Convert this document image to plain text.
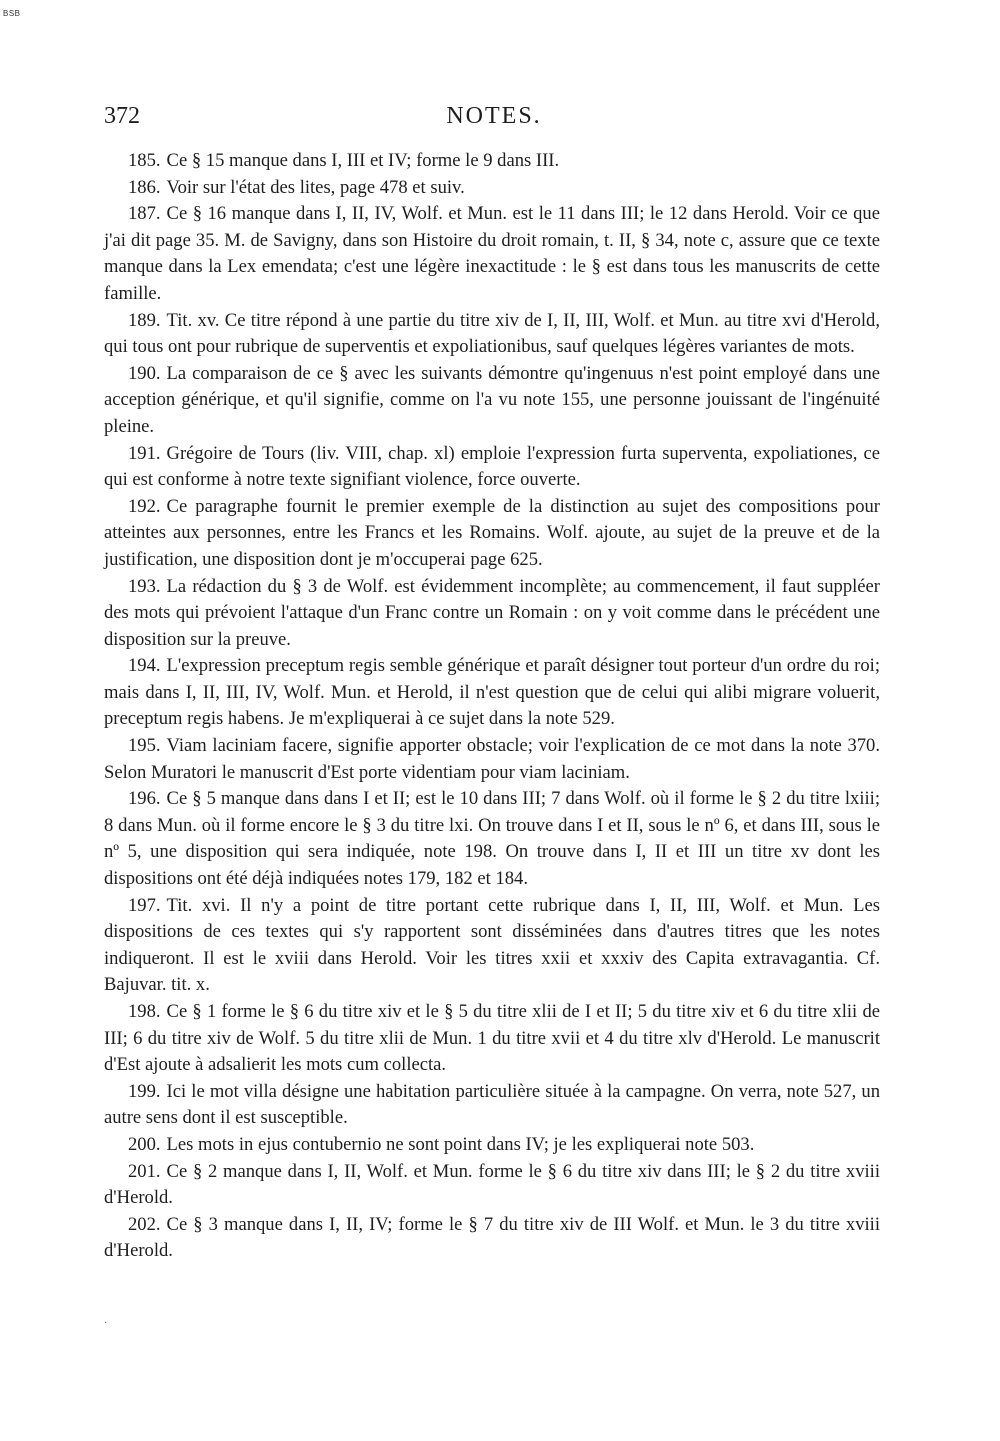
BSB
372	NOTES.

185. Ce § 15 manque dans I, III et IV; forme le 9 dans III.

186. Voir sur l'état des lites, page 478 et suiv.

187. Ce § 16 manque dans I, II, IV, Wolf. et Mun. est le 11 dans III; le 12 dans Herold. Voir ce que j'ai dit page 35. M. de Savigny, dans son Histoire du droit romain, t. II, § 34, note c, assure que ce texte manque dans la Lex emendata; c'est une légère inexactitude : le § est dans tous les manuscrits de cette famille.

189. Tit. xv. Ce titre répond à une partie du titre xiv de I, II, III, Wolf. et Mun. au titre xvi d'Herold, qui tous ont pour rubrique de superventis et expoliationibus, sauf quelques légères variantes de mots.

190. La comparaison de ce § avec les suivants démontre qu'ingenuus n'est point employé dans une acception générique, et qu'il signifie, comme on l'a vu note 155, une personne jouissant de l'ingénuité pleine.

191. Grégoire de Tours (liv. VIII, chap. xl) emploie l'expression furta superventa, expoliationes, ce qui est conforme à notre texte signifiant violence, force ouverte.

192. Ce paragraphe fournit le premier exemple de la distinction au sujet des compositions pour atteintes aux personnes, entre les Francs et les Romains. Wolf. ajoute, au sujet de la preuve et de la justification, une disposition dont je m'occuperai page 625.

193. La rédaction du § 3 de Wolf. est évidemment incomplète; au commencement, il faut suppléer des mots qui prévoient l'attaque d'un Franc contre un Romain : on y voit comme dans le précédent une disposition sur la preuve.

194. L'expression preceptum regis semble générique et paraît désigner tout porteur d'un ordre du roi; mais dans I, II, III, IV, Wolf. Mun. et Herold, il n'est question que de celui qui alibi migrare voluerit, preceptum regis habens. Je m'expliquerai à ce sujet dans la note 529.

195. Viam laciniam facere, signifie apporter obstacle; voir l'explication de ce mot dans la note 370. Selon Muratori le manuscrit d'Est porte videntiam pour viam laciniam.

196. Ce § 5 manque dans dans I et II; est le 10 dans III; 7 dans Wolf. où il forme le § 2 du titre lxiii; 8 dans Mun. où il forme encore le § 3 du titre lxi. On trouve dans I et II, sous le nº 6, et dans III, sous le nº 5, une disposition qui sera indiquée, note 198. On trouve dans I, II et III un titre xv dont les dispositions ont été déjà indiquées notes 179, 182 et 184.

197. Tit. xvi. Il n'y a point de titre portant cette rubrique dans I, II, III, Wolf. et Mun. Les dispositions de ces textes qui s'y rapportent sont disséminées dans d'autres titres que les notes indiqueront. Il est le xviii dans Herold. Voir les titres xxii et xxxiv des Capita extravagantia. Cf. Bajuvar. tit. x.

198. Ce § 1 forme le § 6 du titre xiv et le § 5 du titre xlii de I et II; 5 du titre xiv et 6 du titre xlii de III; 6 du titre xiv de Wolf. 5 du titre xlii de Mun. 1 du titre xvii et 4 du titre xlv d'Herold. Le manuscrit d'Est ajoute à adsalierit les mots cum collecta.

199. Ici le mot villa désigne une habitation particulière située à la campagne. On verra, note 527, un autre sens dont il est susceptible.

200. Les mots in ejus contubernio ne sont point dans IV; je les expliquerai note 503.

201. Ce § 2 manque dans I, II, Wolf. et Mun. forme le § 6 du titre xiv dans III; le § 2 du titre xviii d'Herold.

202. Ce § 3 manque dans I, II, IV; forme le § 7 du titre xiv de III Wolf. et Mun. le 3 du titre xviii d'Herold.

·
